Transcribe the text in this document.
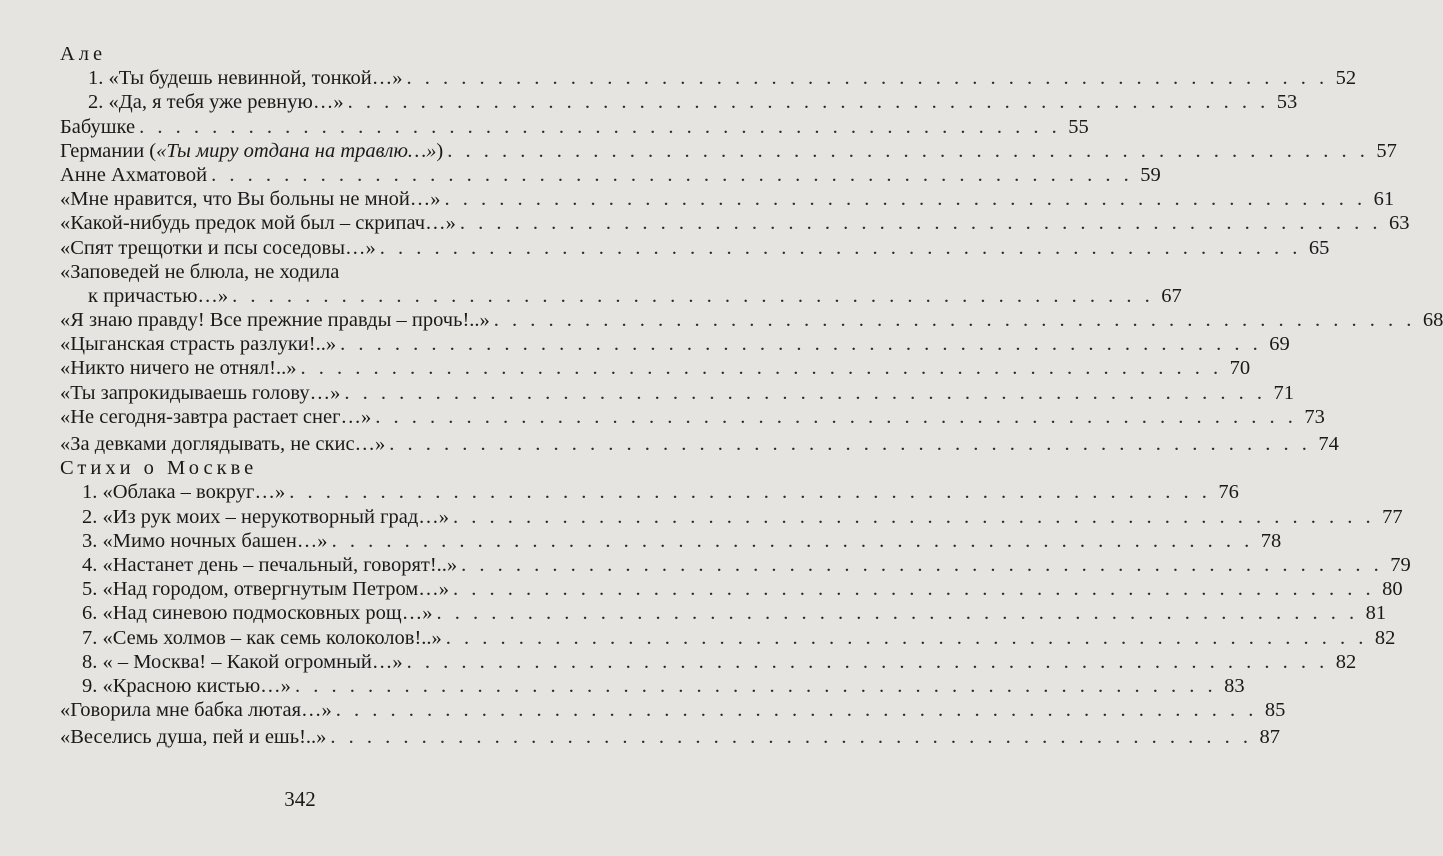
Але
1. «Ты будешь невинной, тонкой…» . . . . . . . . . . . . . . . . . . . . . . . . . . . . . . . . . . . . . . . . . . . . . . . . . . . 52
2. «Да, я тебя уже ревную…» . . . . . . . . . . . . . . . . . . . . . . . . . . . . . . . . . . . . . . . . . . . . . . . . . . . 53
Бабушке . . . . . . . . . . . . . . . . . . . . . . . . . . . . . . . . . . . . . . . . . . . . . . . . . . . 55
Германии («Ты миру отдана на травлю…») . . . . . . . . . . . . . . . . . . . . . . . . . . . . . . . . . . . . . . . . . . . . . . . . . . . 57
Анне Ахматовой . . . . . . . . . . . . . . . . . . . . . . . . . . . . . . . . . . . . . . . . . . . . . . . . . . . 59
«Мне нравится, что Вы больны не мной…» . . . . . . . . . . . . . . . . . . . . . . . . . . . . . . . . . . . . . . . . . . . . . . . . . . . 61
«Какой-нибудь предок мой был – скрипач…» . . . . . . . . . . . . . . . . . . . . . . . . . . . . . . . . . . . . . . . . . . . . . . . . . . . 63
«Спят трещотки и псы соседовы…» . . . . . . . . . . . . . . . . . . . . . . . . . . . . . . . . . . . . . . . . . . . . . . . . . . . 65
«Заповедей не блюла, не ходила
к причастью…» . . . . . . . . . . . . . . . . . . . . . . . . . . . . . . . . . . . . . . . . . . . . . . . . . . . 67
«Я знаю правду! Все прежние правды – прочь!..» . . . . . . . . . . . . . . . . . . . . . . . . . . . . . . . . . . . . . . . . . . . . . . . . . . . 68
«Цыганская страсть разлуки!..» . . . . . . . . . . . . . . . . . . . . . . . . . . . . . . . . . . . . . . . . . . . . . . . . . . . 69
«Никто ничего не отнял!..» . . . . . . . . . . . . . . . . . . . . . . . . . . . . . . . . . . . . . . . . . . . . . . . . . . . 70
«Ты запрокидываешь голову…» . . . . . . . . . . . . . . . . . . . . . . . . . . . . . . . . . . . . . . . . . . . . . . . . . . . 71
«Не сегодня-завтра растает снег…» . . . . . . . . . . . . . . . . . . . . . . . . . . . . . . . . . . . . . . . . . . . . . . . . . . . 73
«За девками доглядывать, не скис…» . . . . . . . . . . . . . . . . . . . . . . . . . . . . . . . . . . . . . . . . . . . . . . . . . . . 74
Стихи о Москве
1. «Облака – вокруг…» . . . . . . . . . . . . . . . . . . . . . . . . . . . . . . . . . . . . . . . . . . . . . . . . . . . 76
2. «Из рук моих – нерукотворный град…» . . . . . . . . . . . . . . . . . . . . . . . . . . . . . . . . . . . . . . . . . . . . . . . . . . . 77
3. «Мимо ночных башен…» . . . . . . . . . . . . . . . . . . . . . . . . . . . . . . . . . . . . . . . . . . . . . . . . . . . 78
4. «Настанет день – печальный, говорят!..» . . . . . . . . . . . . . . . . . . . . . . . . . . . . . . . . . . . . . . . . . . . . . . . . . . . 79
5. «Над городом, отвергнутым Петром…» . . . . . . . . . . . . . . . . . . . . . . . . . . . . . . . . . . . . . . . . . . . . . . . . . . . 80
6. «Над синевою подмосковных рощ…» . . . . . . . . . . . . . . . . . . . . . . . . . . . . . . . . . . . . . . . . . . . . . . . . . . . 81
7. «Семь холмов – как семь колоколов!..» . . . . . . . . . . . . . . . . . . . . . . . . . . . . . . . . . . . . . . . . . . . . . . . . . . . 82
8. « – Москва! – Какой огромный…» . . . . . . . . . . . . . . . . . . . . . . . . . . . . . . . . . . . . . . . . . . . . . . . . . . . 82
9. «Красною кистью…» . . . . . . . . . . . . . . . . . . . . . . . . . . . . . . . . . . . . . . . . . . . . . . . . . . . 83
«Говорила мне бабка лютая…» . . . . . . . . . . . . . . . . . . . . . . . . . . . . . . . . . . . . . . . . . . . . . . . . . . . 85
«Веселись душа, пей и ешь!..» . . . . . . . . . . . . . . . . . . . . . . . . . . . . . . . . . . . . . . . . . . . . . . . . . . . 87
342
